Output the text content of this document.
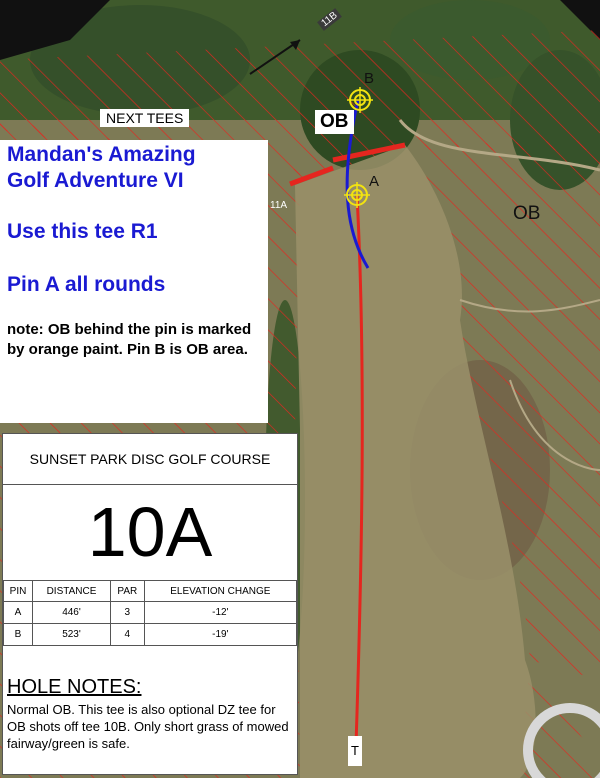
NEXT TEES	OB
OB
B
A
11B
11A
T
Mandan's Amazing
Golf Adventure VI
Use this tee R1
Pin A all rounds
note: OB behind the pin is marked by orange paint. Pin B is OB area.
SUNSET PARK DISC GOLF COURSE
10A
PIN	DISTANCE	PAR	ELEVATION CHANGE
A	446'	3	-12'
B	523'	4	-19'
HOLE NOTES:
Normal OB. This tee is also optional DZ tee for OB shots off tee 10B. Only short grass of mowed fairway/green is safe.
